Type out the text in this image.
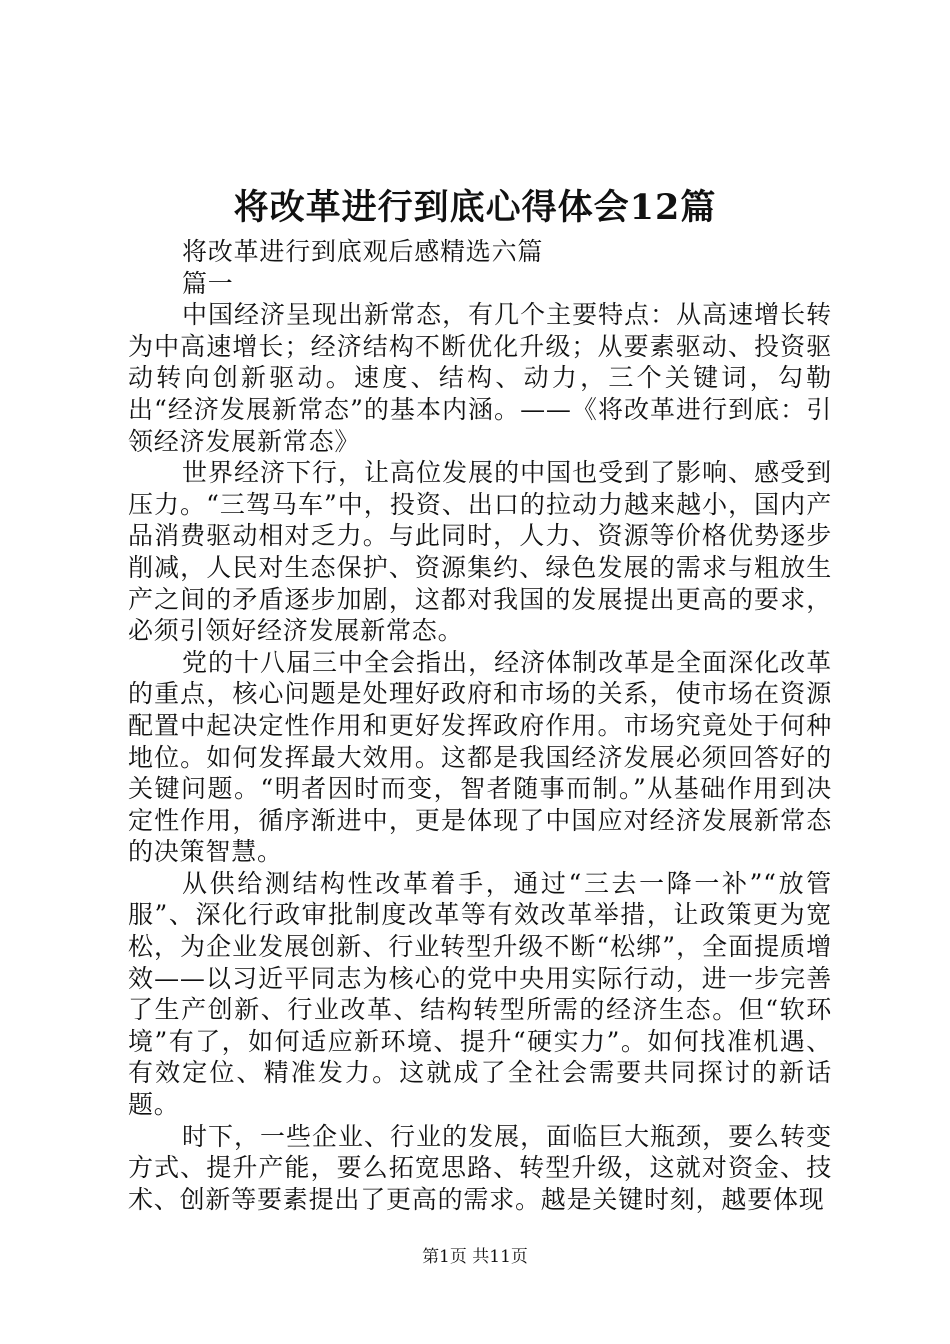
将改革进行到底心得体会12篇

将改革进行到底观后感精选六篇

篇一

中国经济呈现出新常态，有几个主要特点：从高速增长转为中高速增长；经济结构不断优化升级；从要素驱动、投资驱动转向创新驱动。速度、结构、动力，三个关键词，勾勒出“经济发展新常态”的基本内涵。——《将改革进行到底：引领经济发展新常态》

世界经济下行，让高位发展的中国也受到了影响、感受到压力。“三驾马车”中，投资、出口的拉动力越来越小，国内产品消费驱动相对乏力。与此同时，人力、资源等价格优势逐步削减，人民对生态保护、资源集约、绿色发展的需求与粗放生产之间的矛盾逐步加剧，这都对我国的发展提出更高的要求，必须引领好经济发展新常态。

党的十八届三中全会指出，经济体制改革是全面深化改革的重点，核心问题是处理好政府和市场的关系，使市场在资源配置中起决定性作用和更好发挥政府作用。市场究竟处于何种地位。如何发挥最大效用。这都是我国经济发展必须回答好的关键问题。“明者因时而变，智者随事而制。”从基础作用到决定性作用，循序渐进中，更是体现了中国应对经济发展新常态的决策智慧。

从供给测结构性改革着手，通过“三去一降一补”“放管服”、深化行政审批制度改革等有效改革举措，让政策更为宽松，为企业发展创新、行业转型升级不断“松绑”，全面提质增效——以习近平同志为核心的党中央用实际行动，进一步完善了生产创新、行业改革、结构转型所需的经济生态。但“软环境”有了，如何适应新环境、提升“硬实力”。如何找准机遇、有效定位、精准发力。这就成了全社会需要共同探讨的新话题。

时下，一些企业、行业的发展，面临巨大瓶颈，要么转变方式、提升产能，要么拓宽思路、转型升级，这就对资金、技术、创新等要素提出了更高的需求。越是关键时刻，越要体现

第1页 共11页
